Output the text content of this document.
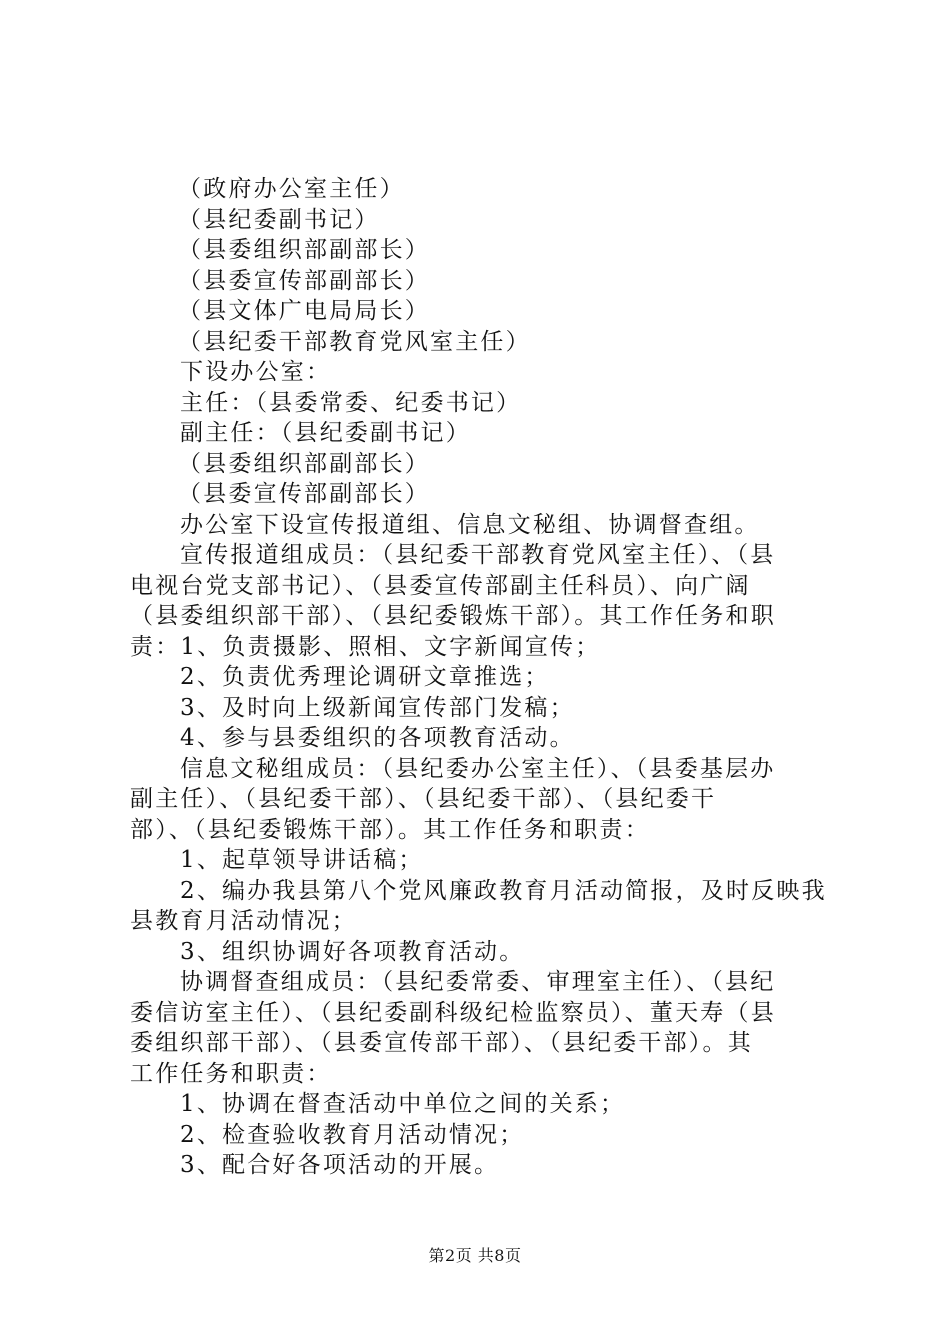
（政府办公室主任）
（县纪委副书记）
（县委组织部副部长）
（县委宣传部副部长）
（县文体广电局局长）
（县纪委干部教育党风室主任）
下设办公室：
主任：（县委常委、纪委书记）
副主任：（县纪委副书记）
（县委组织部副部长）
（县委宣传部副部长）
办公室下设宣传报道组、信息文秘组、协调督查组。
宣传报道组成员：（县纪委干部教育党风室主任）、（县
电视台党支部书记）、（县委宣传部副主任科员）、向广阔
（县委组织部干部）、（县纪委锻炼干部）。其工作任务和职
责：1、负责摄影、照相、文字新闻宣传；
2、负责优秀理论调研文章推选；
3、及时向上级新闻宣传部门发稿；
4、参与县委组织的各项教育活动。
信息文秘组成员：（县纪委办公室主任）、（县委基层办
副主任）、（县纪委干部）、（县纪委干部）、（县纪委干
部）、（县纪委锻炼干部）。其工作任务和职责：
1、起草领导讲话稿；
2、编办我县第八个党风廉政教育月活动简报，及时反映我
县教育月活动情况；
3、组织协调好各项教育活动。
协调督查组成员：（县纪委常委、审理室主任）、（县纪
委信访室主任）、（县纪委副科级纪检监察员）、董天寿（县
委组织部干部）、（县委宣传部干部）、（县纪委干部）。其
工作任务和职责：
1、协调在督查活动中单位之间的关系；
2、检查验收教育月活动情况；
3、配合好各项活动的开展。
第2页 共8页
